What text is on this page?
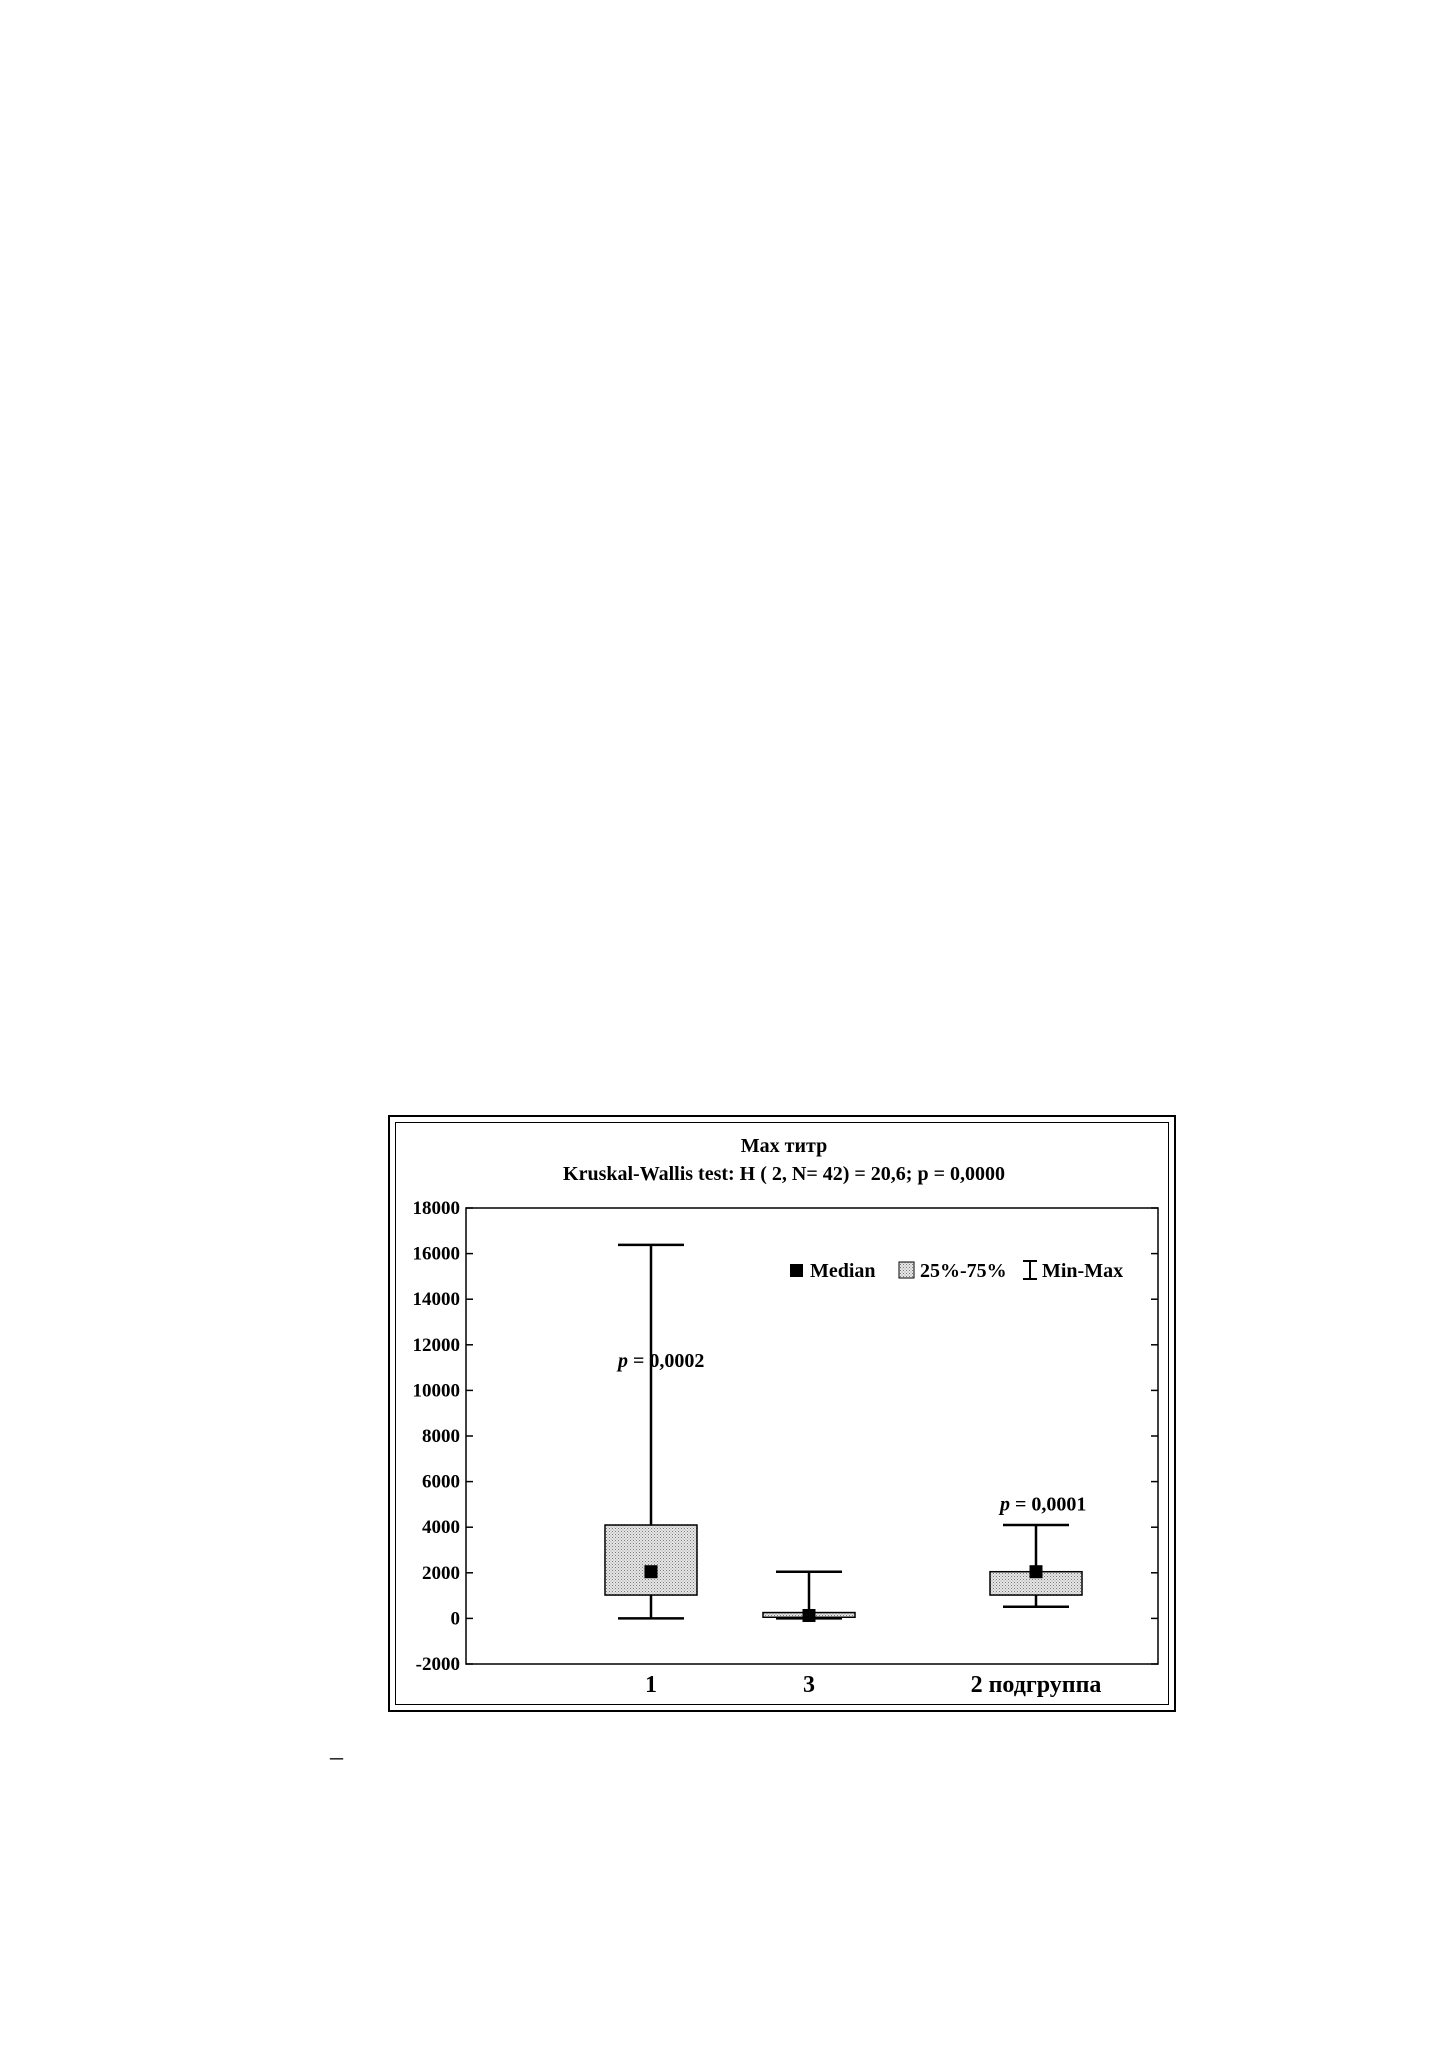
Max титр
Kruskal-Wallis test: H ( 2, N= 42) = 20,6; p = 0,0000
-2000
0
2000
4000
6000
8000
10000
12000
14000
16000
18000
p = 0,0002
p = 0,0001
1	3	2 подгруппа
Median 25%-75% Min-Max
–
